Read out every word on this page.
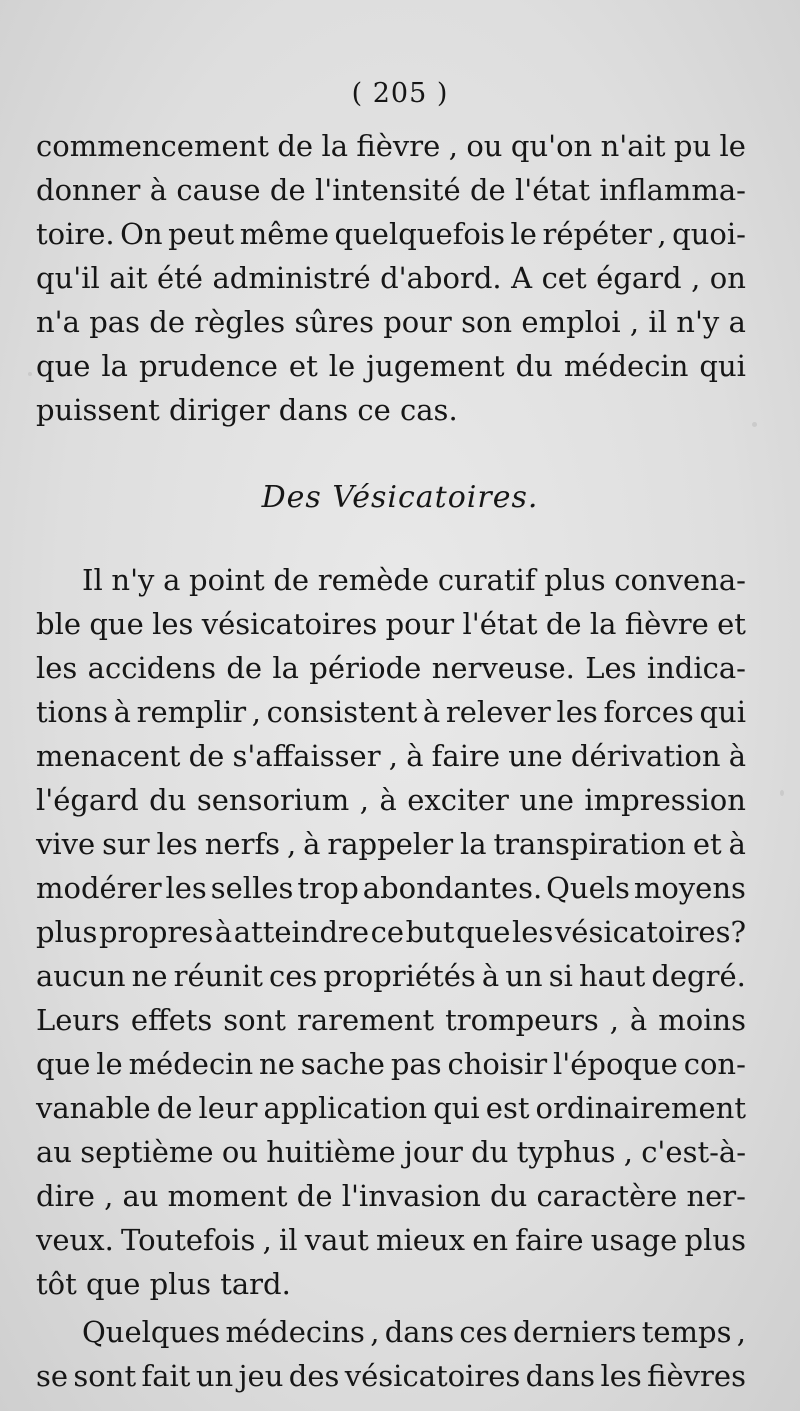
( 205 )
commencement de la fièvre , ou qu'on n'ait pu le
donner à cause de l'intensité de l'état inflamma-
toire. On peut même quelquefois le répéter , quoi-
qu'il ait été administré d'abord. A cet égard , on
n'a pas de règles sûres pour son emploi , il n'y a
que la prudence et le jugement du médecin qui
puissent diriger dans ce cas.
Des Vésicatoires.
Il n'y a point de remède curatif plus convena-
ble que les vésicatoires pour l'état de la fièvre et
les accidens de la période nerveuse. Les indica-
tions à remplir , consistent à relever les forces qui
menacent de s'affaisser , à faire une dérivation à
l'égard du sensorium , à exciter une impression
vive sur les nerfs , à rappeler la transpiration et à
modérer les selles trop abondantes. Quels moyens
plus propres à atteindre ce but que les vésicatoires?
aucun ne réunit ces propriétés à un si haut degré.
Leurs effets sont rarement trompeurs , à moins
que le médecin ne sache pas choisir l'époque con-
vanable de leur application qui est ordinairement
au septième ou huitième jour du typhus , c'est-à-
dire , au moment de l'invasion du caractère ner-
veux. Toutefois , il vaut mieux en faire usage plus
tôt que plus tard.
Quelques médecins , dans ces derniers temps ,
se sont fait un jeu des vésicatoires dans les fièvres
